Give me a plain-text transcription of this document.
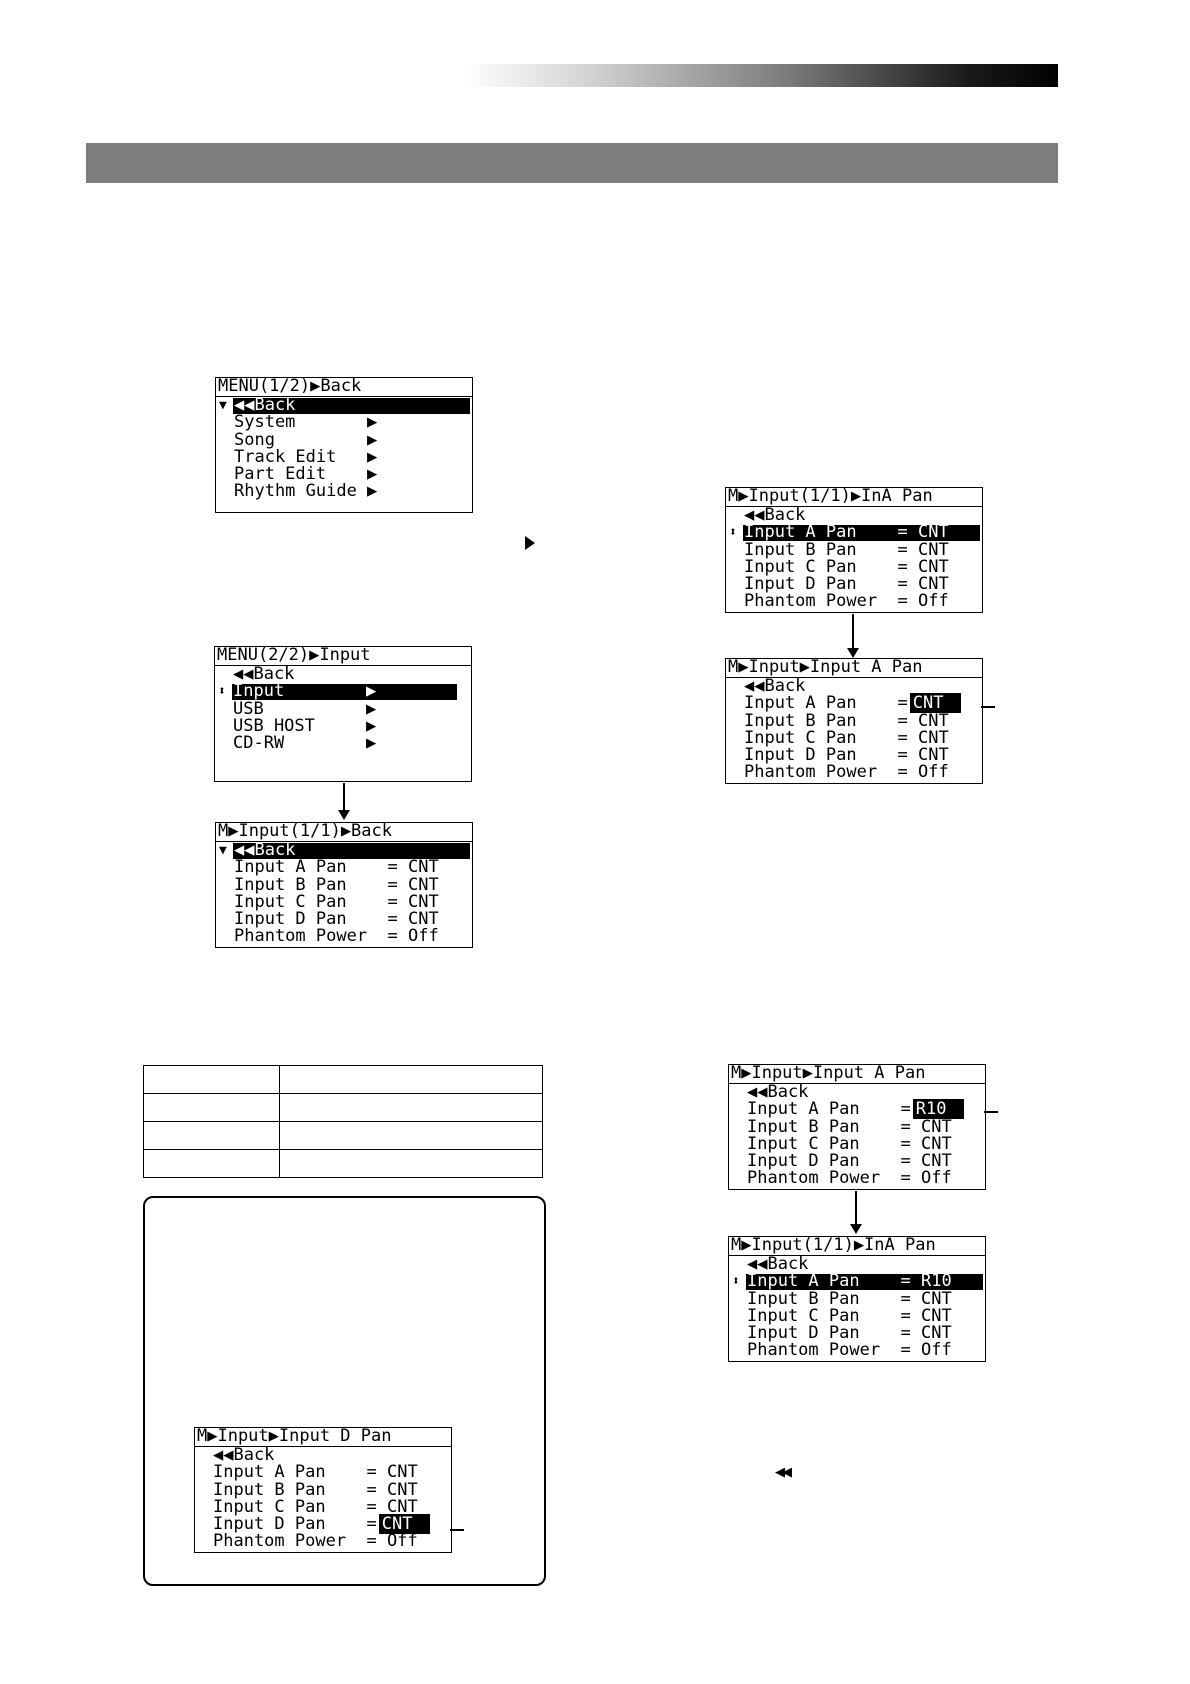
MENU(1/2)▶Back
▼ ◀◀Back
System       ▶
Song         ▶
Track Edit   ▶
Part Edit    ▶
Rhythm Guide ▶
MENU(2/2)▶Input
◀◀Back
⬍ Input        ▶
USB          ▶
USB HOST     ▶
CD-RW        ▶
M▶Input(1/1)▶Back
▼ ◀◀Back
Input A Pan    = CNT
Input B Pan    = CNT
Input C Pan    = CNT
Input D Pan    = CNT
Phantom Power  = Off
M▶Input(1/1)▶InA Pan
◀◀Back
⬍ Input A Pan    = CNT
Input B Pan    = CNT
Input C Pan    = CNT
Input D Pan    = CNT
Phantom Power  = Off
M▶Input▶Input A Pan
◀◀Back
Input A Pan    = CNT
Input B Pan    = CNT
Input C Pan    = CNT
Input D Pan    = CNT
Phantom Power  = Off
M▶Input▶Input A Pan
◀◀Back
Input A Pan    = R10
Input B Pan    = CNT
Input C Pan    = CNT
Input D Pan    = CNT
Phantom Power  = Off
M▶Input(1/1)▶InA Pan
◀◀Back
⬍ Input A Pan    = R10
Input B Pan    = CNT
Input C Pan    = CNT
Input D Pan    = CNT
Phantom Power  = Off
◀◀

M▶Input▶Input D Pan
◀◀Back
Input A Pan    = CNT
Input B Pan    = CNT
Input C Pan    = CNT
Input D Pan    = CNT
Phantom Power  = Off
